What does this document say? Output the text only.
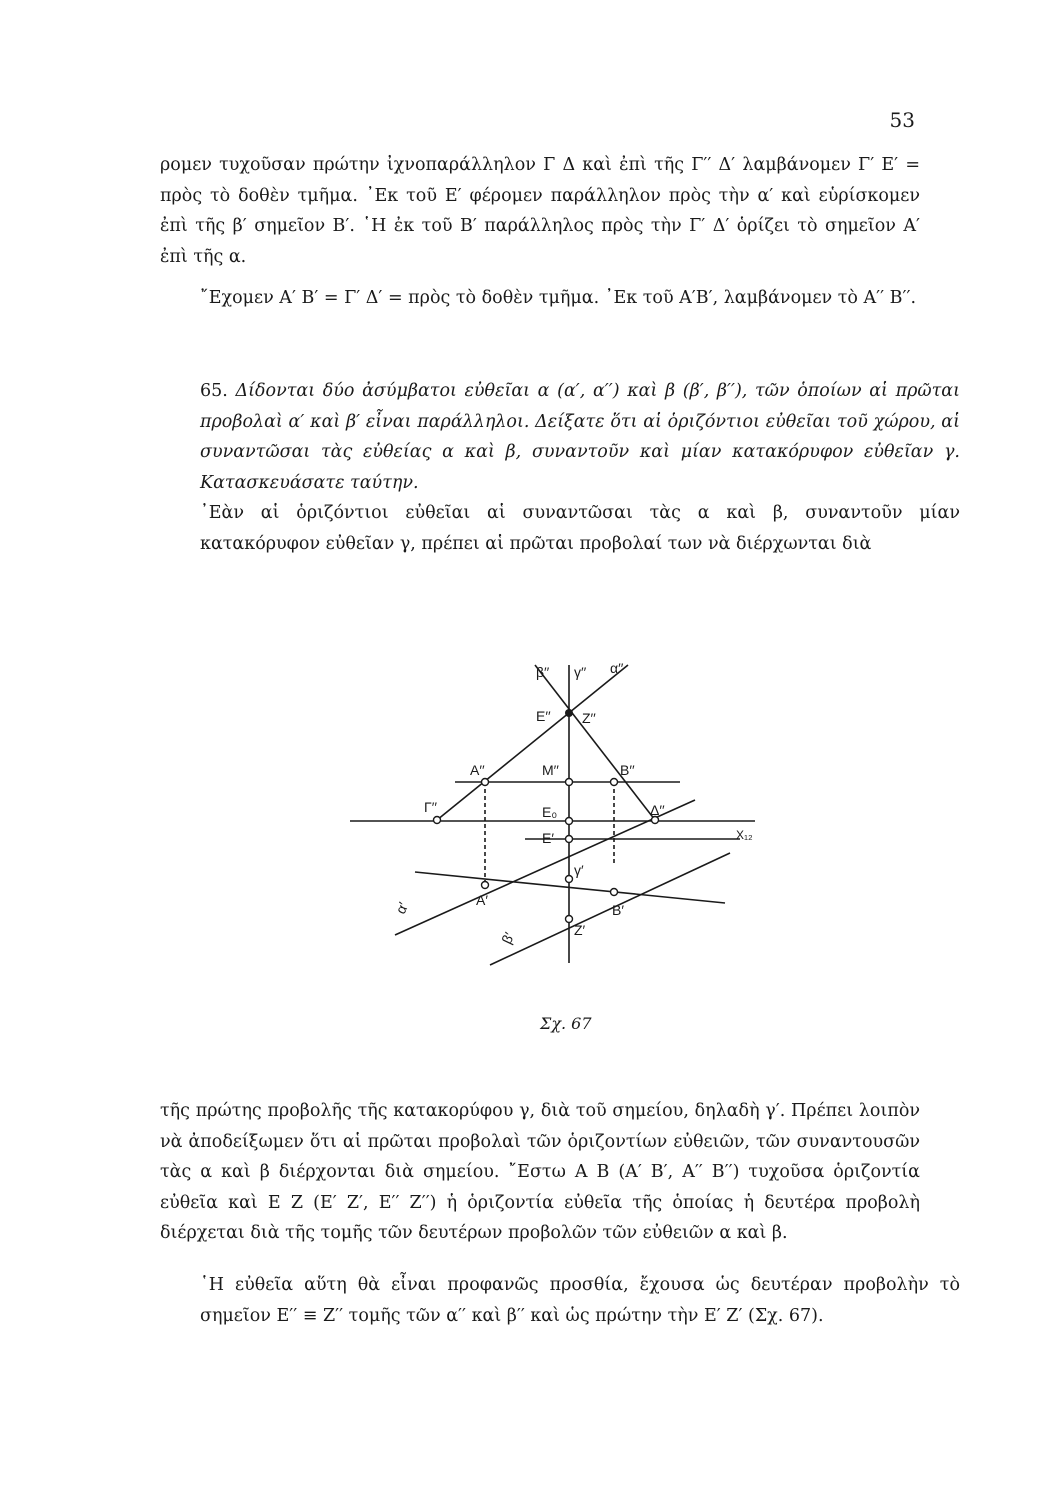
53

ρομεν τυχοῦσαν πρώτην ἰχνοπαράλληλον Γ Δ καὶ ἐπὶ τῆς Γ′′ Δ′ λαμβάνομεν Γ′ Ε′ = πρὸς τὸ δοθὲν τμῆμα. ᾿Εκ τοῦ Ε′ φέρομεν παράλληλον πρὸς τὴν α′ καὶ εὑρίσκομεν ἐπὶ τῆς β′ σημεῖον Β′. ῾Η ἐκ τοῦ Β′ παράλληλος πρὸς τὴν Γ′ Δ′ ὁρίζει τὸ σημεῖον Α′ ἐπὶ τῆς α.

῎Εχομεν Α′ Β′ = Γ′ Δ′ = πρὸς τὸ δοθὲν τμῆμα. ᾿Εκ τοῦ Α′Β′, λαμβάνομεν τὸ Α′′ Β′′.

65. Δίδονται δύο ἀσύμβατοι εὐθεῖαι α (α′, α′′) καὶ β (β′, β′′), τῶν ὁποίων αἱ πρῶται προβολαὶ α′ καὶ β′ εἶναι παράλληλοι. Δείξατε ὅτι αἱ ὁριζόντιοι εὐθεῖαι τοῦ χώρου, αἱ συναντῶσαι τὰς εὐθείας α καὶ β, συναντοῦν καὶ μίαν κατακόρυφον εὐθεῖαν γ. Κατασκευάσατε ταύτην.

᾿Εὰν αἱ ὁριζόντιοι εὐθεῖαι αἱ συναντῶσαι τὰς α καὶ β, συναντοῦν μίαν κατακόρυφον εὐθεῖαν γ, πρέπει αἱ πρῶται προβολαί των νὰ διέρχωνται διὰ

β′′ γ′′ α′′
Ε′′ Ζ′′
Α′′	Μ′′	Β′′
Γ′′	Δ′′
Ε₀
X₁₂
Ε′
γ′
Α′
Β′
Ζ′
α′
β′
Σχ. 67

τῆς πρώτης προβολῆς τῆς κατακορύφου γ, διὰ τοῦ σημείου, δηλαδὴ γ′. Πρέπει λοιπὸν νὰ ἀποδείξωμεν ὅτι αἱ πρῶται προβολαὶ τῶν ὁριζοντίων εὐθειῶν, τῶν συναντουσῶν τὰς α καὶ β διέρχονται διὰ σημείου. ῎Εστω Α Β (Α′ Β′, Α′′ Β′′) τυχοῦσα ὁριζοντία εὐθεῖα καὶ Ε Ζ (Ε′ Ζ′, Ε′′ Ζ′′) ἡ ὁριζοντία εὐθεῖα τῆς ὁποίας ἡ δευτέρα προβολὴ διέρχεται διὰ τῆς τομῆς τῶν δευτέρων προβολῶν τῶν εὐθειῶν α καὶ β.

῾Η εὐθεῖα αὕτη θὰ εἶναι προφανῶς προσθία, ἔχουσα ὡς δευτέραν προβολὴν τὸ σημεῖον Ε′′ ≡ Ζ′′ τομῆς τῶν α′′ καὶ β′′ καὶ ὡς πρώτην τὴν Ε′ Ζ′ (Σχ. 67).
